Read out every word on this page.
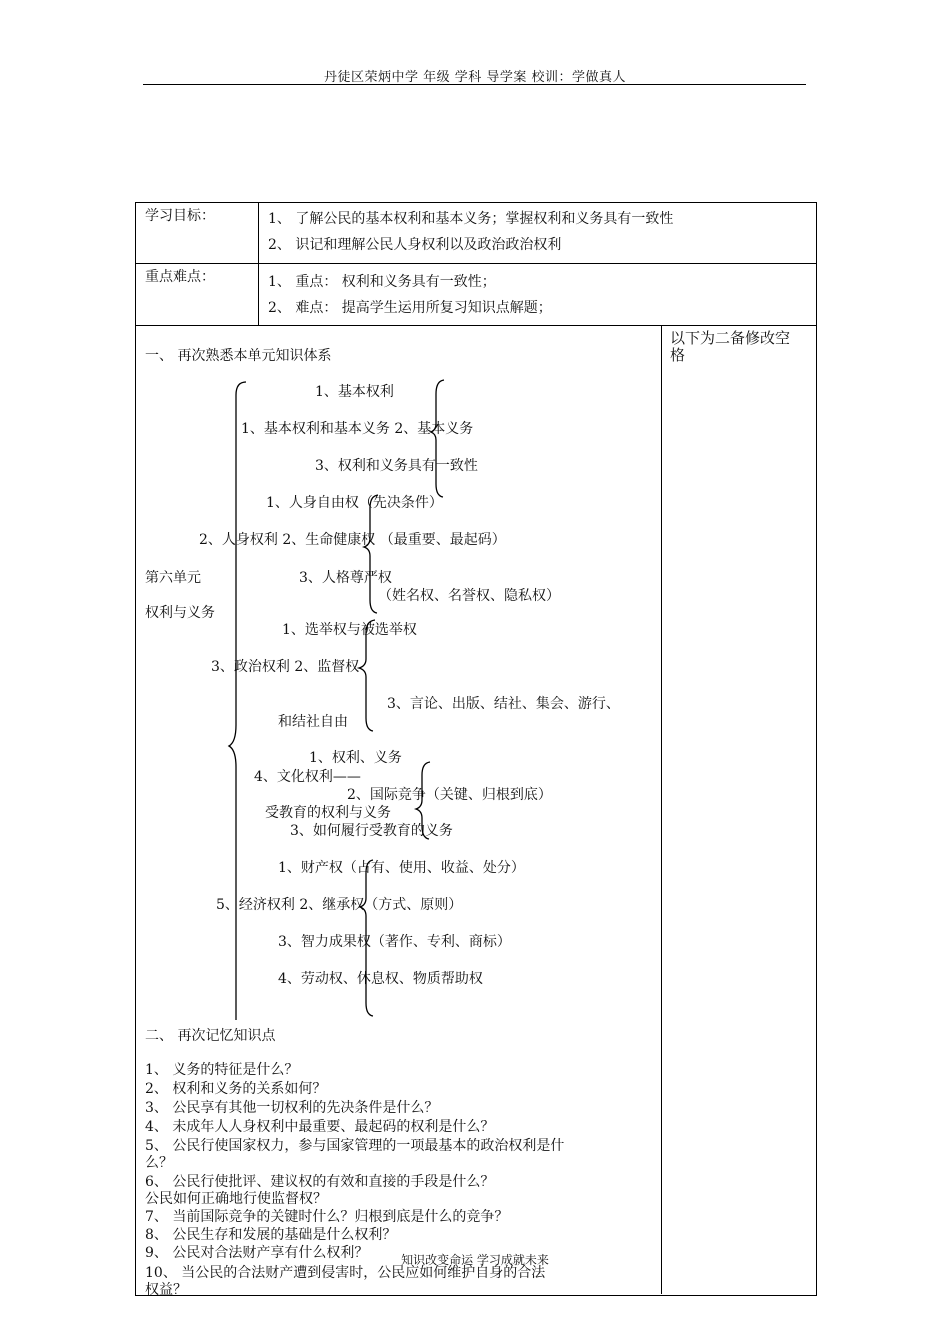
丹徒区荣炳中学 年级 学科 导学案 校训：学做真人
学习目标：	1、 了解公民的基本权利和基本义务；掌握权利和义务具有一致性
2、 识记和理解公民人身权利以及政治政治权利
重点难点：	1、 重点： 权利和义务具有一致性；
2、 难点： 提高学生运用所复习知识点解题；
以下为二备修改空
格
一、 再次熟悉本单元知识体系
1、基本权利
1、基本权利和基本义务 2、基本义务
3、权利和义务具有一致性
1、人身自由权（先决条件）
2、人身权利 2、生命健康权 （最重要、最起码）
第六单元	3、人格尊严权
（姓名权、名誉权、隐私权）
权利与义务
1、选举权与被选举权
3、政治权利 2、监督权
3、言论、出版、结社、集会、游行、
和结社自由
1、权利、义务
4、文化权利——
2、国际竞争（关键、归根到底）
受教育的权利与义务
3、如何履行受教育的义务
1、财产权（占有、使用、收益、处分）
5、经济权利 2、继承权（方式、原则）
3、智力成果权（著作、专利、商标）
4、劳动权、休息权、物质帮助权
二、 再次记忆知识点
1、 义务的特征是什么？
2、 权利和义务的关系如何？
3、 公民享有其他一切权利的先决条件是什么？
4、 未成年人人身权利中最重要、最起码的权利是什么？
5、 公民行使国家权力，参与国家管理的一项最基本的政治权利是什
么？
6、 公民行使批评、建议权的有效和直接的手段是什么？
公民如何正确地行使监督权？
7、 当前国际竞争的关键时什么？归根到底是什么的竞争？
8、 公民生存和发展的基础是什么权利？
9、 公民对合法财产享有什么权利？
10、 当公民的合法财产遭到侵害时，公民应如何维护自身的合法
权益？
知识改变命运 学习成就未来
